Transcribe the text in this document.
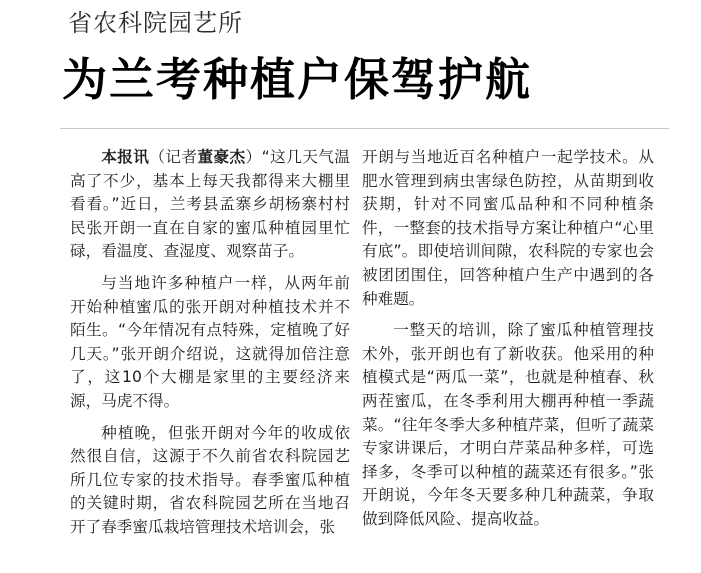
省农科院园艺所
为兰考种植户保驾护航

本报讯（记者董豪杰）“这几天气温高了不少，基本上每天我都得来大棚里看看。”近日，兰考县孟寨乡胡杨寨村村民张开朗一直在自家的蜜瓜种植园里忙碌，看温度、查湿度、观察苗子。

与当地许多种植户一样，从两年前开始种植蜜瓜的张开朗对种植技术并不陌生。“今年情况有点特殊，定植晚了好几天。”张开朗介绍说，这就得加倍注意了，这10个大棚是家里的主要经济来源，马虎不得。

种植晚，但张开朗对今年的收成依然很自信，这源于不久前省农科院园艺所几位专家的技术指导。春季蜜瓜种植的关键时期，省农科院园艺所在当地召开了春季蜜瓜栽培管理技术培训会，张

开朗与当地近百名种植户一起学技术。从肥水管理到病虫害绿色防控，从苗期到收获期，针对不同蜜瓜品种和不同种植条件，一整套的技术指导方案让种植户“心里有底”。即使培训间隙，农科院的专家也会被团团围住，回答种植户生产中遇到的各种难题。

一整天的培训，除了蜜瓜种植管理技术外，张开朗也有了新收获。他采用的种植模式是“两瓜一菜”，也就是种植春、秋两茬蜜瓜，在冬季利用大棚再种植一季蔬菜。“往年冬季大多种植芹菜，但听了蔬菜专家讲课后，才明白芹菜品种多样，可选择多，冬季可以种植的蔬菜还有很多。”张开朗说，今年冬天要多种几种蔬菜，争取做到降低风险、提高收益。
